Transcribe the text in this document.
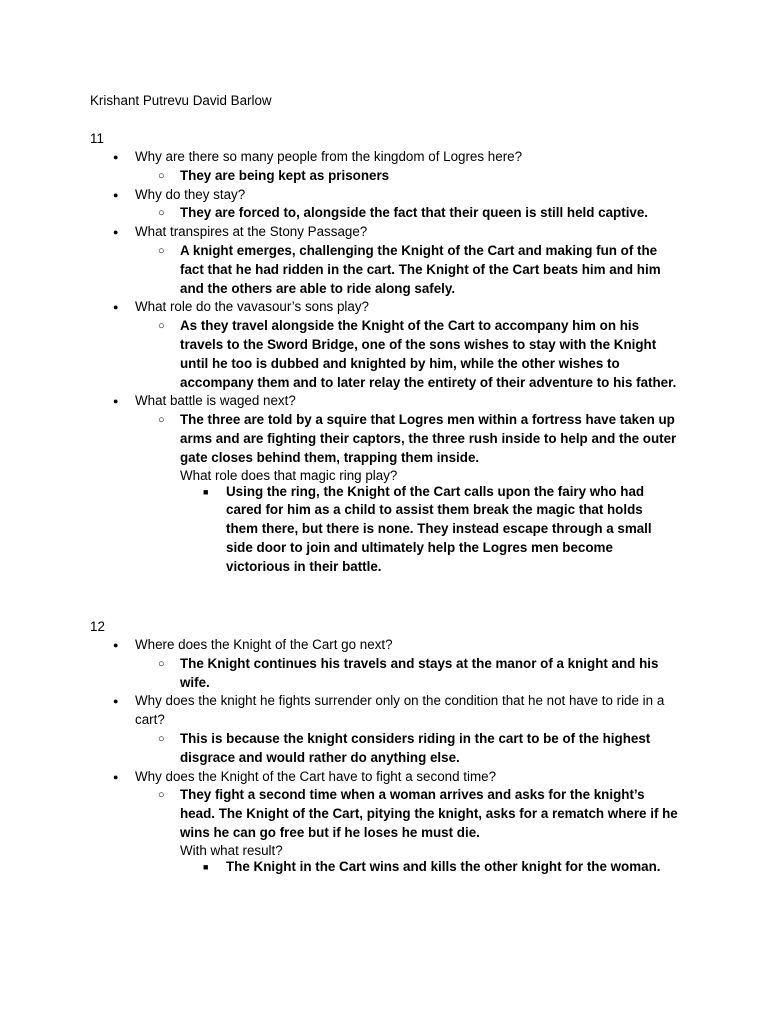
Krishant Putrevu David Barlow
11
● Why are there so many people from the kingdom of Logres here?
○ They are being kept as prisoners
● Why do they stay?
○ They are forced to, alongside the fact that their queen is still held captive.
● What transpires at the Stony Passage?
○ A knight emerges, challenging the Knight of the Cart and making fun of the fact that he had ridden in the cart. The Knight of the Cart beats him and him and the others are able to ride along safely.
● What role do the vavasour’s sons play?
○ As they travel alongside the Knight of the Cart to accompany him on his travels to the Sword Bridge, one of the sons wishes to stay with the Knight until he too is dubbed and knighted by him, while the other wishes to accompany them and to later relay the entirety of their adventure to his father.
● What battle is waged next?
○ The three are told by a squire that Logres men within a fortress have taken up arms and are fighting their captors, the three rush inside to help and the outer gate closes behind them, trapping them inside.
○ What role does that magic ring play?
■ Using the ring, the Knight of the Cart calls upon the fairy who had cared for him as a child to assist them break the magic that holds them there, but there is none. They instead escape through a small side door to join and ultimately help the Logres men become victorious in their battle.
12
● Where does the Knight of the Cart go next?
○ The Knight continues his travels and stays at the manor of a knight and his wife.
● Why does the knight he fights surrender only on the condition that he not have to ride in a cart?
○ This is because the knight considers riding in the cart to be of the highest disgrace and would rather do anything else.
● Why does the Knight of the Cart have to fight a second time?
○ They fight a second time when a woman arrives and asks for the knight’s head. The Knight of the Cart, pitying the knight, asks for a rematch where if he wins he can go free but if he loses he must die.
○ With what result?
■ The Knight in the Cart wins and kills the other knight for the woman.
